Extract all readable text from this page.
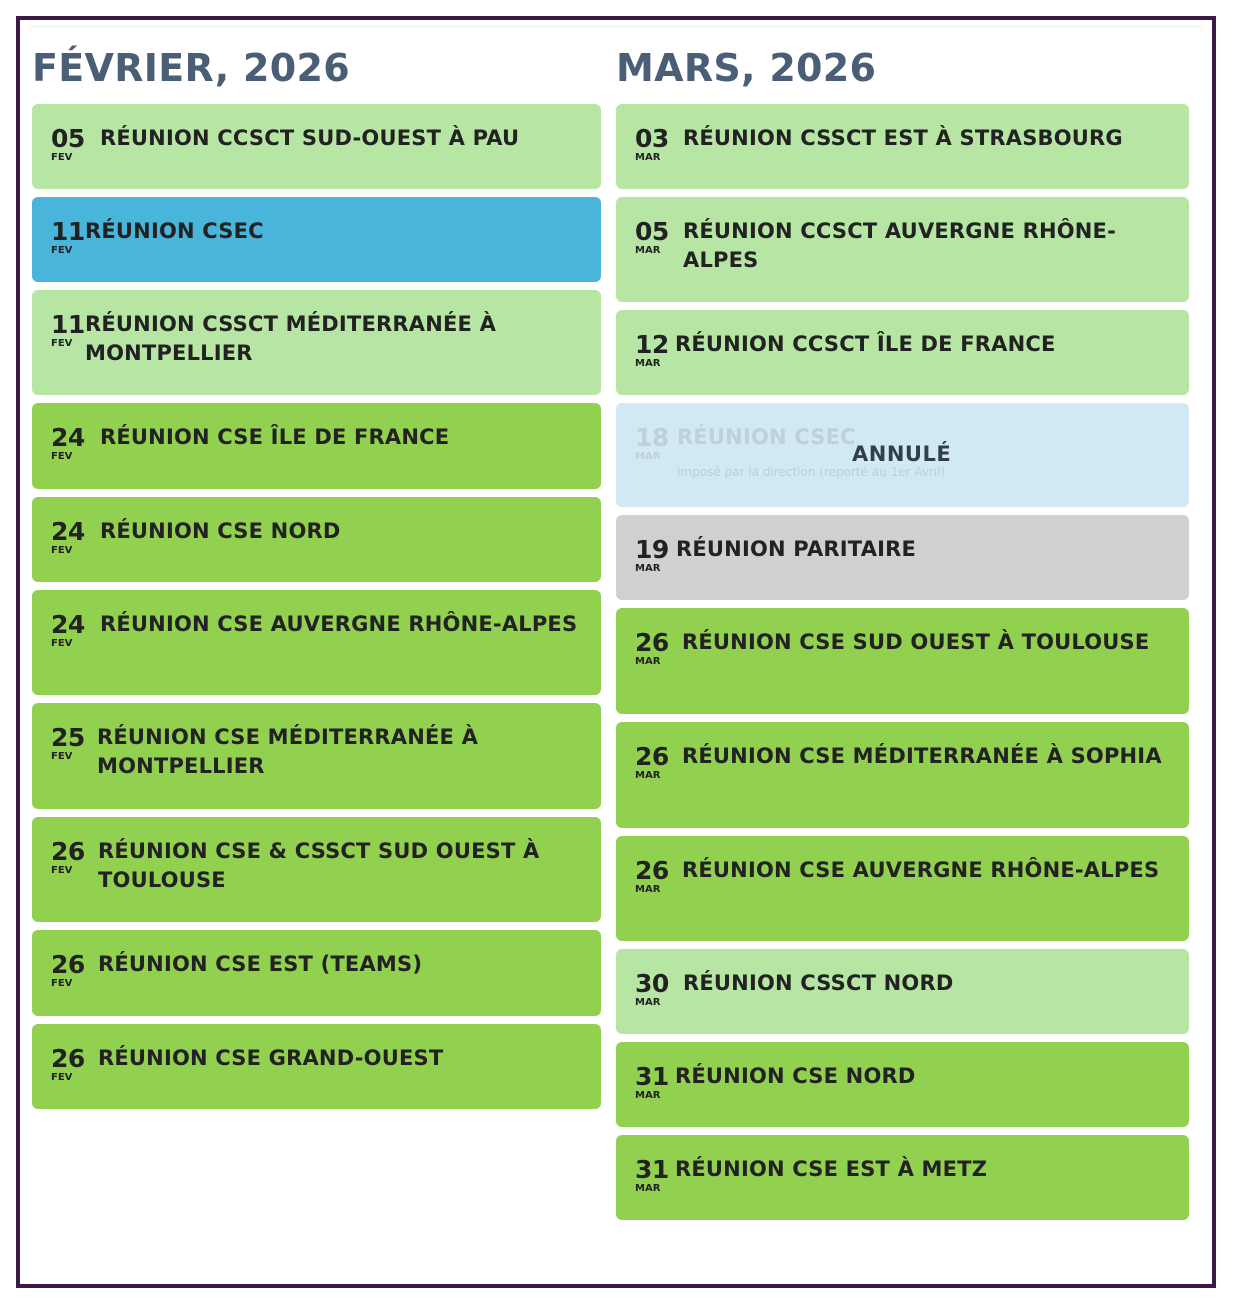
FÉVRIER, 2026
05
FEV
RÉUNION CCSCT SUD-OUEST À PAU
11
FEV
RÉUNION CSEC
11
FEV
RÉUNION CSSCT MÉDITERRANÉE À MONTPELLIER
24
FEV
RÉUNION CSE ÎLE DE FRANCE
24
FEV
RÉUNION CSE NORD
24
FEV
RÉUNION CSE AUVERGNE RHÔNE-ALPES
25
FEV
RÉUNION CSE MÉDITERRANÉE À MONTPELLIER
26
FEV
RÉUNION CSE & CSSCT SUD OUEST À TOULOUSE
26
FEV
RÉUNION CSE EST (TEAMS)
26
FEV
RÉUNION CSE GRAND-OUEST
MARS, 2026
03
MAR
RÉUNION CSSCT EST À STRASBOURG
05
MAR
RÉUNION CCSCT AUVERGNE RHÔNE-ALPES
12
MAR
RÉUNION CCSCT ÎLE DE FRANCE
18
MAR
RÉUNION CSEC
Imposé par la direction (reporté au 1er Avril)
ANNULÉ
19
MAR
RÉUNION PARITAIRE
26
MAR
RÉUNION CSE SUD OUEST À TOULOUSE
26
MAR
RÉUNION CSE MÉDITERRANÉE À SOPHIA
26
MAR
RÉUNION CSE AUVERGNE RHÔNE-ALPES
30
MAR
RÉUNION CSSCT NORD
31
MAR
RÉUNION CSE NORD
31
MAR
RÉUNION CSE EST À METZ
